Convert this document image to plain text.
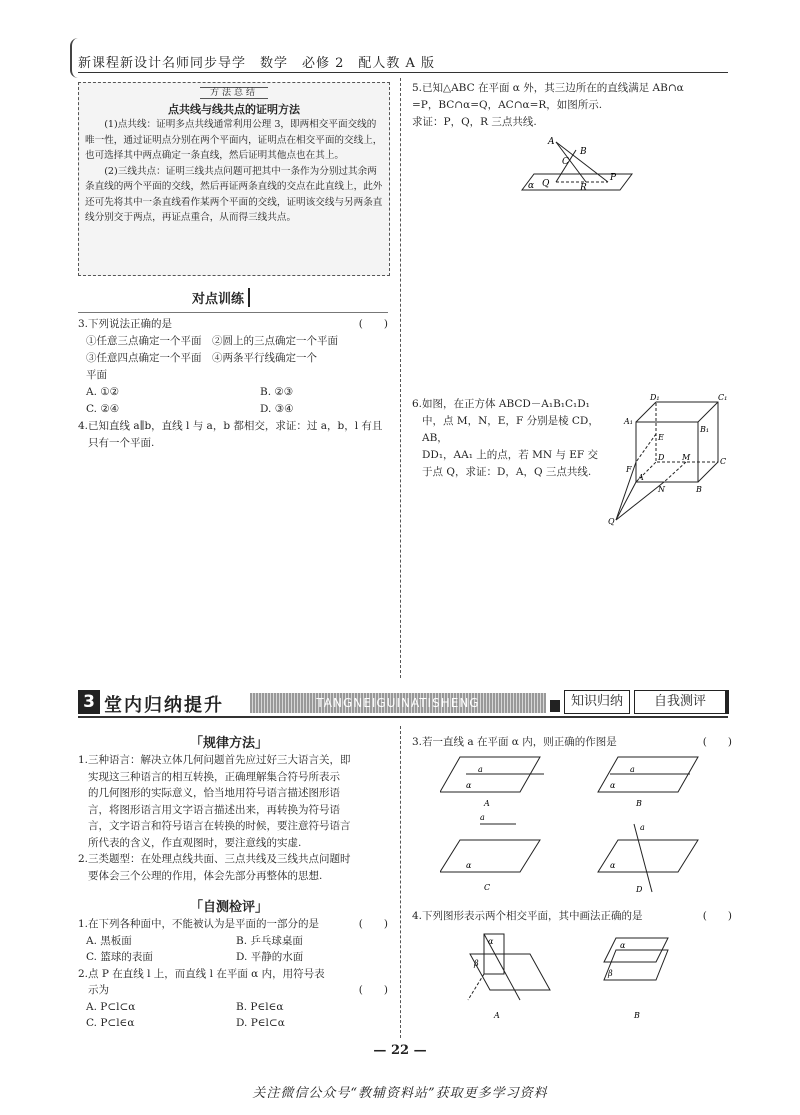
新课程新设计名师同步导学　数学　必修 2　配人教 A 版
方法总结
点共线与线共点的证明方法

(1)点共线：证明多点共线通常利用公理 3，即两相交平面交线的唯一性，通过证明点分别在两个平面内，证明点在相交平面的交线上，也可选择其中两点确定一条直线，然后证明其他点也在其上。

(2)三线共点：证明三线共点问题可把其中一条作为分别过其余两条直线的两个平面的交线，然后再证两条直线的交点在此直线上，此外还可先将其中一条直线看作某两个平面的交线，证明该交线与另两条直线分别交于两点，再证点重合，从而得三线共点。

对点训练
3.下列说法正确的是	(　　)
①任意三点确定一个平面　②圆上的三点确定一个平面
③任意四点确定一个平面　④两条平行线确定一个
平面
A. ①②	B. ②③
C. ②④	D. ③④
4.已知直线 a∥b，直线 l 与 a，b 都相交，求证：过 a，b，l 有且
只有一个平面.
5.已知△ABC 在平面 α 外，其三边所在的直线满足 AB∩α
=P，BC∩α=Q，AC∩α=R，如图所示.
求证：P，Q，R 三点共线.
A
B
C
Q	R
P
α
6.如图，在正方体 ABCD－A₁B₁C₁D₁
中，点 M，N，E，F 分别是棱 CD，AB，
DD₁，AA₁ 上的点，若 MN 与 EF 交
于点 Q，求证：D，A，Q 三点共线.
D₁	C₁
A₁
B₁
E
D M	C
F
A
N	B
Q
3 堂内归纳提升	TANGNEIGUINATISHENG	知识归纳	自我测评
「规律方法」
1.三种语言：解决立体几何问题首先应过好三大语言关，即
实现这三种语言的相互转换，正确理解集合符号所表示
的几何图形的实际意义，恰当地用符号语言描述图形语
言，将图形语言用文字语言描述出来，再转换为符号语
言，文字语言和符号语言在转换的时候，要注意符号语言
所代表的含义，作直观图时，要注意线的实虚.
2.三类题型：在处理点线共面、三点共线及三线共点问题时
要体会三个公理的作用，体会先部分再整体的思想.
「自测检评」
1.在下列各种面中，不能被认为是平面的一部分的是	(　　)
A. 黑板面	B. 乒乓球桌面
C. 篮球的表面	D. 平静的水面
2.点 P 在直线 l 上，而直线 l 在平面 α 内，用符号表
示为	(　　)
A. P⊂l⊂α	B. P∈l∈α
C. P⊂l∈α	D. P∈l⊂α
3.若一直线 a 在平面 α 内，则正确的作图是	(　　)
a
α
a
α
a
α
a
α
A	B
C	D
4.下列图形表示两个相交平面，其中画法正确的是	(　　)
α
β
α
β
A	B
— 22 —
关注微信公众号“教辅资料站”获取更多学习资料
